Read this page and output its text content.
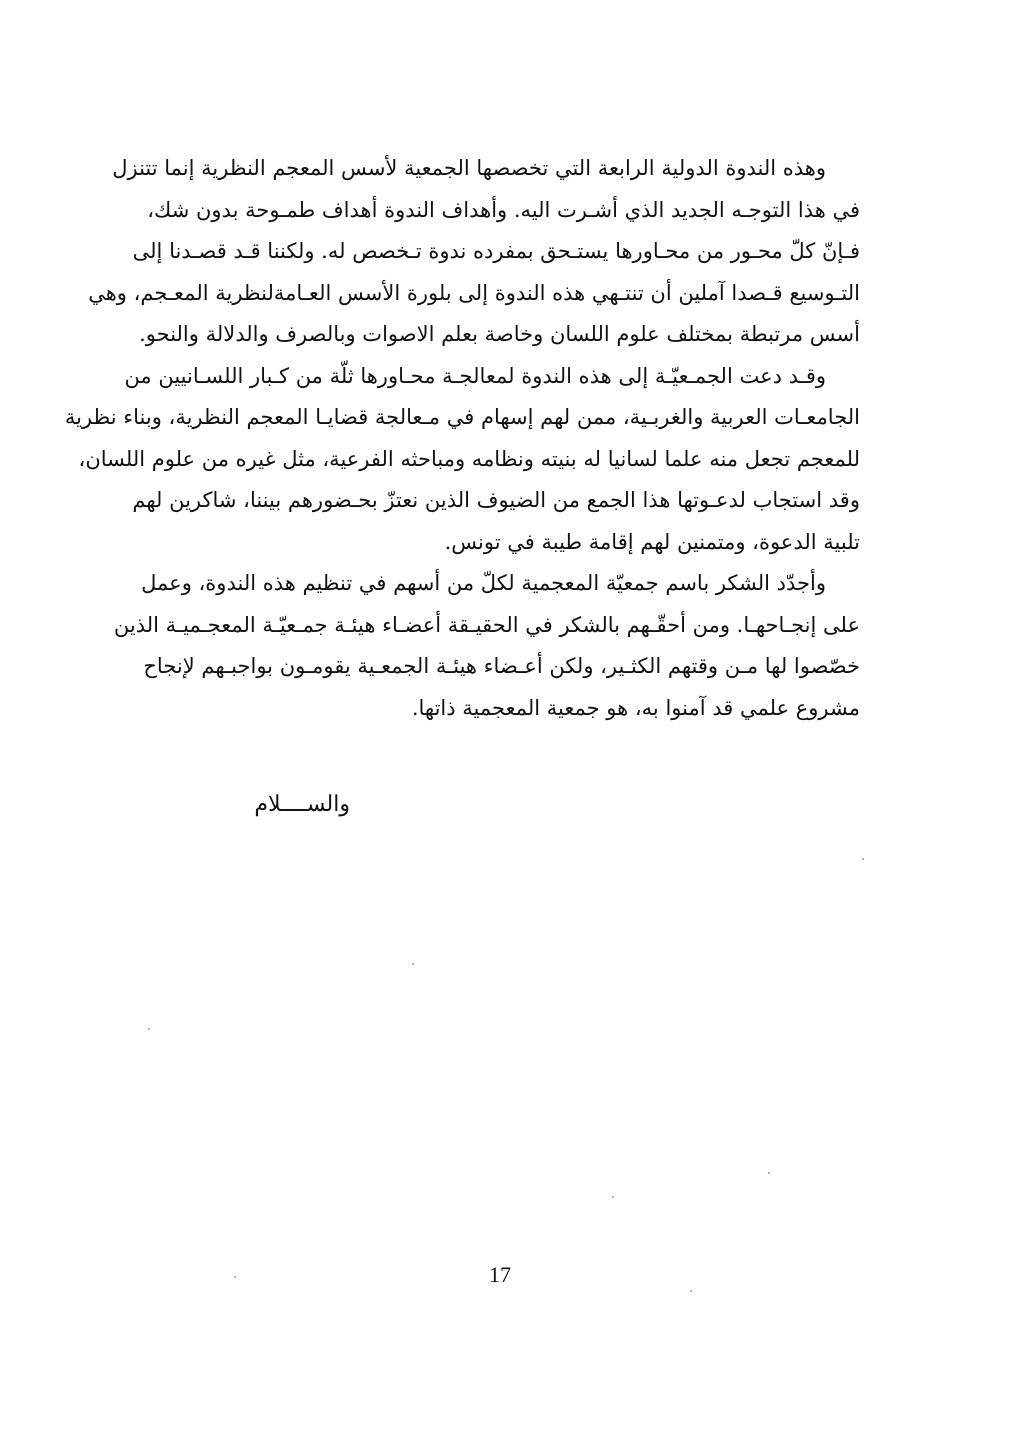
وهذه الندوة الدولية الرابعة التي تخصصها الجمعية لأسس المعجم النظرية إنما تتنزل
في هذا التوجـه الجديد الذي أشـرت اليه. وأهداف الندوة أهداف طمـوحة بدون شك،
فـإنّ كلّ محـور من محـاورها يستـحق بمفرده ندوة تـخصص له. ولكننا قـد قصـدنا إلى
التـوسيع قـصدا آملين أن تنتـهي هذه الندوة إلى بلورة الأسس العـامةلنظرية المعـجم، وهي
أسس مرتبطة بمختلف علوم اللسان وخاصة بعلم الاصوات وبالصرف والدلالة والنحو.

وقـد دعت الجمـعيّـة إلى هذه الندوة لمعالجـة محـاورها ثلّة من كـبار اللسـانيين من
الجامعـات العربية والغربـية، ممن لهم إسهام في مـعالجة قضايـا المعجم النظرية، وبناء نظرية
للمعجم تجعل منه علما لسانيا له بنيته ونظامه ومباحثه الفرعية، مثل غيره من علوم اللسان،
وقد استجاب لدعـوتها هذا الجمع من الضيوف الذين نعتزّ بحـضورهم بيننا، شاكرين لهم
تلبية الدعوة، ومتمنين لهم إقامة طيبة في تونس.

وأجدّد الشكر باسم جمعيّة المعجمية لكلّ من أسهم في تنظيم هذه الندوة، وعمل
على إنجـاحهـا. ومن أحقّـهم بالشكر في الحقيـقة أعضـاء هيئـة جمـعيّـة المعجـميـة الذين
خصّصوا لها مـن وقتهم الكثـير، ولكن أعـضاء هيئـة الجمعـية يقومـون بواجبـهم لإنجاح
مشروع علمي قد آمنوا به، هو جمعية المعجمية ذاتها.

والســــلام
17
